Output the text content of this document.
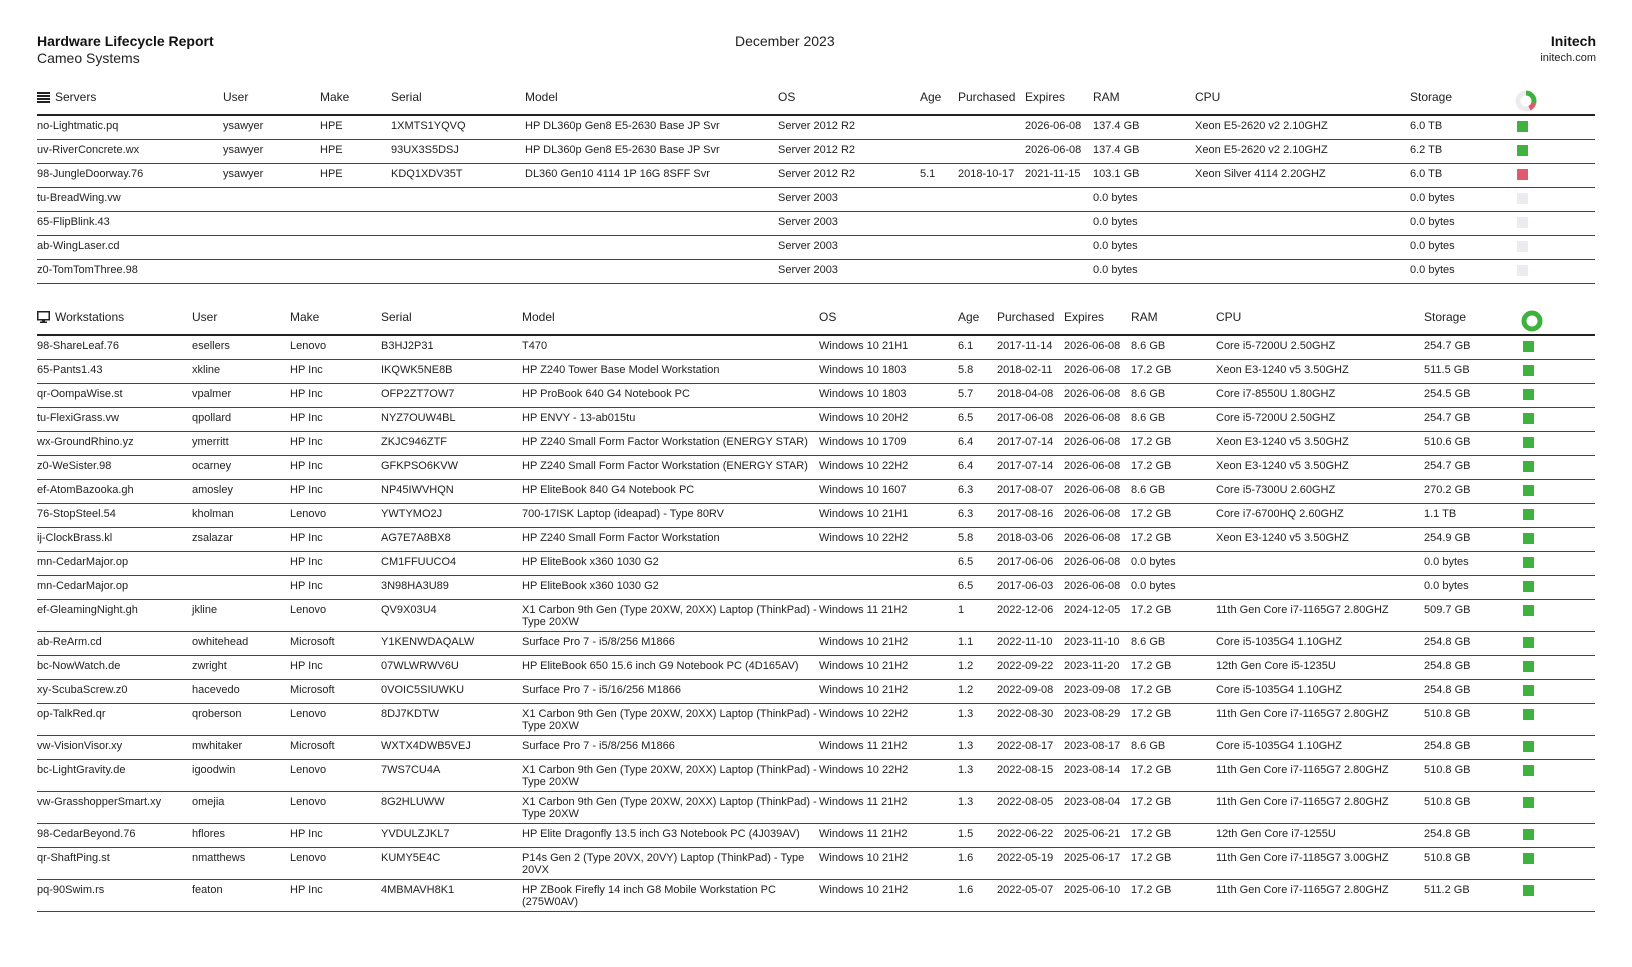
Hardware Lifecycle Report
Cameo Systems
December 2023	Initech
initech.com
Servers	User	Make	Serial	Model	OS	Age	Purchased	Expires	RAM	CPU	Storage	

no-Lightmatic.pq	ysawyer	HPE	1XMTS1YQVQ	HP DL360p Gen8 E5-2630 Base JP Svr	Server 2012 R2			2026-06-08	137.4 GB	Xeon E5-2620 v2 2.10GHZ	6.0 TB	
uv-RiverConcrete.wx	ysawyer	HPE	93UX3S5DSJ	HP DL360p Gen8 E5-2630 Base JP Svr	Server 2012 R2			2026-06-08	137.4 GB	Xeon E5-2620 v2 2.10GHZ	6.2 TB	
98-JungleDoorway.76	ysawyer	HPE	KDQ1XDV35T	DL360 Gen10 4114 1P 16G 8SFF Svr	Server 2012 R2	5.1	2018-10-17	2021-11-15	103.1 GB	Xeon Silver 4114 2.20GHZ	6.0 TB	
tu-BreadWing.vw					Server 2003				0.0 bytes		0.0 bytes	
65-FlipBlink.43					Server 2003				0.0 bytes		0.0 bytes	
ab-WingLaser.cd					Server 2003				0.0 bytes		0.0 bytes	
z0-TomTomThree.98					Server 2003				0.0 bytes		0.0 bytes	
Workstations	User	Make	Serial	Model	OS	Age	Purchased	Expires	RAM	CPU	Storage	

98-ShareLeaf.76	esellers	Lenovo	B3HJ2P31	T470	Windows 10 21H1	6.1	2017-11-14	2026-06-08	8.6 GB	Core i5-7200U 2.50GHZ	254.7 GB	
65-Pants1.43	xkline	HP Inc	IKQWK5NE8B	HP Z240 Tower Base Model Workstation	Windows 10 1803	5.8	2018-02-11	2026-06-08	17.2 GB	Xeon E3-1240 v5 3.50GHZ	511.5 GB	
qr-OompaWise.st	vpalmer	HP Inc	OFP2ZT7OW7	HP ProBook 640 G4 Notebook PC	Windows 10 1803	5.7	2018-04-08	2026-06-08	8.6 GB	Core i7-8550U 1.80GHZ	254.5 GB	
tu-FlexiGrass.vw	qpollard	HP Inc	NYZ7OUW4BL	HP ENVY - 13-ab015tu	Windows 10 20H2	6.5	2017-06-08	2026-06-08	8.6 GB	Core i5-7200U 2.50GHZ	254.7 GB	
wx-GroundRhino.yz	ymerritt	HP Inc	ZKJC946ZTF	HP Z240 Small Form Factor Workstation (ENERGY STAR)	Windows 10 1709	6.4	2017-07-14	2026-06-08	17.2 GB	Xeon E3-1240 v5 3.50GHZ	510.6 GB	
z0-WeSister.98	ocarney	HP Inc	GFKPSO6KVW	HP Z240 Small Form Factor Workstation (ENERGY STAR)	Windows 10 22H2	6.4	2017-07-14	2026-06-08	17.2 GB	Xeon E3-1240 v5 3.50GHZ	254.7 GB	
ef-AtomBazooka.gh	amosley	HP Inc	NP45IWVHQN	HP EliteBook 840 G4 Notebook PC	Windows 10 1607	6.3	2017-08-07	2026-06-08	8.6 GB	Core i5-7300U 2.60GHZ	270.2 GB	
76-StopSteel.54	kholman	Lenovo	YWTYMO2J	700-17ISK Laptop (ideapad) - Type 80RV	Windows 10 21H1	6.3	2017-08-16	2026-06-08	17.2 GB	Core i7-6700HQ 2.60GHZ	1.1 TB	
ij-ClockBrass.kl	zsalazar	HP Inc	AG7E7A8BX8	HP Z240 Small Form Factor Workstation	Windows 10 22H2	5.8	2018-03-06	2026-06-08	17.2 GB	Xeon E3-1240 v5 3.50GHZ	254.9 GB	
mn-CedarMajor.op		HP Inc	CM1FFUUCO4	HP EliteBook x360 1030 G2		6.5	2017-06-06	2026-06-08	0.0 bytes		0.0 bytes	
mn-CedarMajor.op		HP Inc	3N98HA3U89	HP EliteBook x360 1030 G2		6.5	2017-06-03	2026-06-08	0.0 bytes		0.0 bytes	
ef-GleamingNight.gh	jkline	Lenovo	QV9X03U4	X1 Carbon 9th Gen (Type 20XW, 20XX) Laptop (ThinkPad) - Type 20XW	Windows 11 21H2	1	2022-12-06	2024-12-05	17.2 GB	11th Gen Core i7-1165G7 2.80GHZ	509.7 GB	
ab-ReArm.cd	owhitehead	Microsoft	Y1KENWDAQALW	Surface Pro 7 - i5/8/256 M1866	Windows 10 21H2	1.1	2022-11-10	2023-11-10	8.6 GB	Core i5-1035G4 1.10GHZ	254.8 GB	
bc-NowWatch.de	zwright	HP Inc	07WLWRWV6U	HP EliteBook 650 15.6 inch G9 Notebook PC (4D165AV)	Windows 10 21H2	1.2	2022-09-22	2023-11-20	17.2 GB	12th Gen Core i5-1235U	254.8 GB	
xy-ScubaScrew.z0	hacevedo	Microsoft	0VOIC5SIUWKU	Surface Pro 7 - i5/16/256 M1866	Windows 10 21H2	1.2	2022-09-08	2023-09-08	17.2 GB	Core i5-1035G4 1.10GHZ	254.8 GB	
op-TalkRed.qr	qroberson	Lenovo	8DJ7KDTW	X1 Carbon 9th Gen (Type 20XW, 20XX) Laptop (ThinkPad) - Type 20XW	Windows 10 22H2	1.3	2022-08-30	2023-08-29	17.2 GB	11th Gen Core i7-1165G7 2.80GHZ	510.8 GB	
vw-VisionVisor.xy	mwhitaker	Microsoft	WXTX4DWB5VEJ	Surface Pro 7 - i5/8/256 M1866	Windows 11 21H2	1.3	2022-08-17	2023-08-17	8.6 GB	Core i5-1035G4 1.10GHZ	254.8 GB	
bc-LightGravity.de	igoodwin	Lenovo	7WS7CU4A	X1 Carbon 9th Gen (Type 20XW, 20XX) Laptop (ThinkPad) - Type 20XW	Windows 10 22H2	1.3	2022-08-15	2023-08-14	17.2 GB	11th Gen Core i7-1165G7 2.80GHZ	510.8 GB	
vw-GrasshopperSmart.xy	omejia	Lenovo	8G2HLUWW	X1 Carbon 9th Gen (Type 20XW, 20XX) Laptop (ThinkPad) - Type 20XW	Windows 11 21H2	1.3	2022-08-05	2023-08-04	17.2 GB	11th Gen Core i7-1165G7 2.80GHZ	510.8 GB	
98-CedarBeyond.76	hflores	HP Inc	YVDULZJKL7	HP Elite Dragonfly 13.5 inch G3 Notebook PC (4J039AV)	Windows 11 21H2	1.5	2022-06-22	2025-06-21	17.2 GB	12th Gen Core i7-1255U	254.8 GB	
qr-ShaftPing.st	nmatthews	Lenovo	KUMY5E4C	P14s Gen 2 (Type 20VX, 20VY) Laptop (ThinkPad) - Type 20VX	Windows 10 21H2	1.6	2022-05-19	2025-06-17	17.2 GB	11th Gen Core i7-1185G7 3.00GHZ	510.8 GB	
pq-90Swim.rs	featon	HP Inc	4MBMAVH8K1	HP ZBook Firefly 14 inch G8 Mobile Workstation PC (275W0AV)	Windows 10 21H2	1.6	2022-05-07	2025-06-10	17.2 GB	11th Gen Core i7-1165G7 2.80GHZ	511.2 GB	
